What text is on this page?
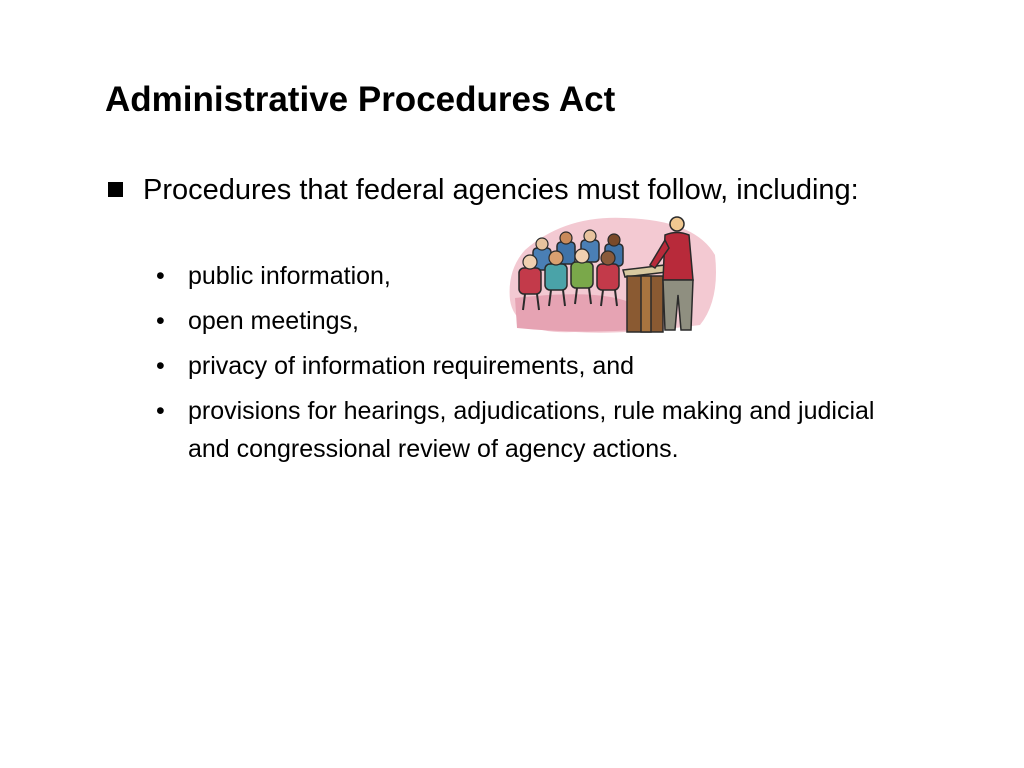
Administrative Procedures Act
Procedures that federal agencies must follow, including:
• public information,
• open meetings,
• privacy of information requirements, and
• provisions for hearings, adjudications, rule making and judicial and congressional review of agency actions.
